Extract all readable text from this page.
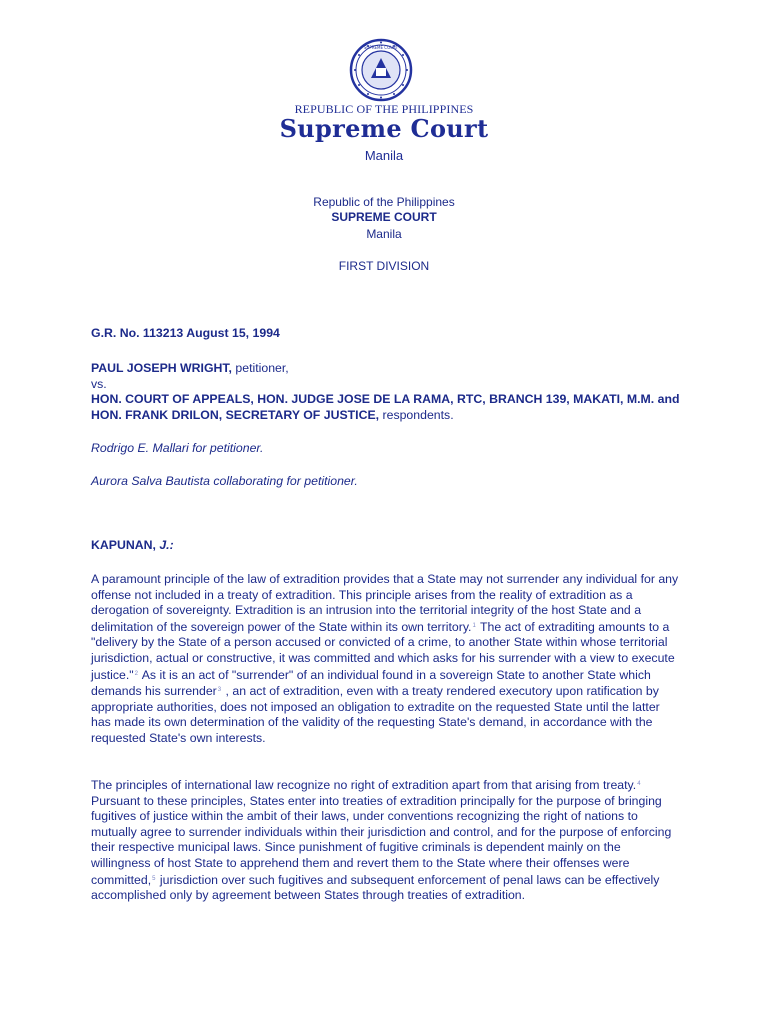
SUPREME COURT
REPUBLIC OF THE PHILIPPINES
Supreme Court
Manila
Republic of the Philippines
SUPREME COURT
Manila
FIRST DIVISION
G.R. No. 113213 August 15, 1994
PAUL JOSEPH WRIGHT, petitioner,
vs.
HON. COURT OF APPEALS, HON. JUDGE JOSE DE LA RAMA, RTC, BRANCH 139, MAKATI, M.M. and HON. FRANK DRILON, SECRETARY OF JUSTICE, respondents.
Rodrigo E. Mallari for petitioner.
Aurora Salva Bautista collaborating for petitioner.
KAPUNAN, J.:
A paramount principle of the law of extradition provides that a State may not surrender any individual for any offense not included in a treaty of extradition. This principle arises from the reality of extradition as a derogation of sovereignty. Extradition is an intrusion into the territorial integrity of the host State and a delimitation of the sovereign power of the State within its own territory.$^1$ The act of extraditing amounts to a "delivery by the State of a person accused or convicted of a crime, to another State within whose territorial jurisdiction, actual or constructive, it was committed and which asks for his surrender with a view to execute justice."$^2$ As it is an act of "surrender" of an individual found in a sovereign State to another State which demands his surrender$^3$ , an act of extradition, even with a treaty rendered executory upon ratification by appropriate authorities, does not imposed an obligation to extradite on the requested State until the latter has made its own determination of the validity of the requesting State's demand, in accordance with the requested State's own interests.
The principles of international law recognize no right of extradition apart from that arising from treaty.$^4$ Pursuant to these principles, States enter into treaties of extradition principally for the purpose of bringing fugitives of justice within the ambit of their laws, under conventions recognizing the right of nations to mutually agree to surrender individuals within their jurisdiction and control, and for the purpose of enforcing their respective municipal laws. Since punishment of fugitive criminals is dependent mainly on the willingness of host State to apprehend them and revert them to the State where their offenses were committed,$^5$ jurisdiction over such fugitives and subsequent enforcement of penal laws can be effectively accomplished only by agreement between States through treaties of extradition.
